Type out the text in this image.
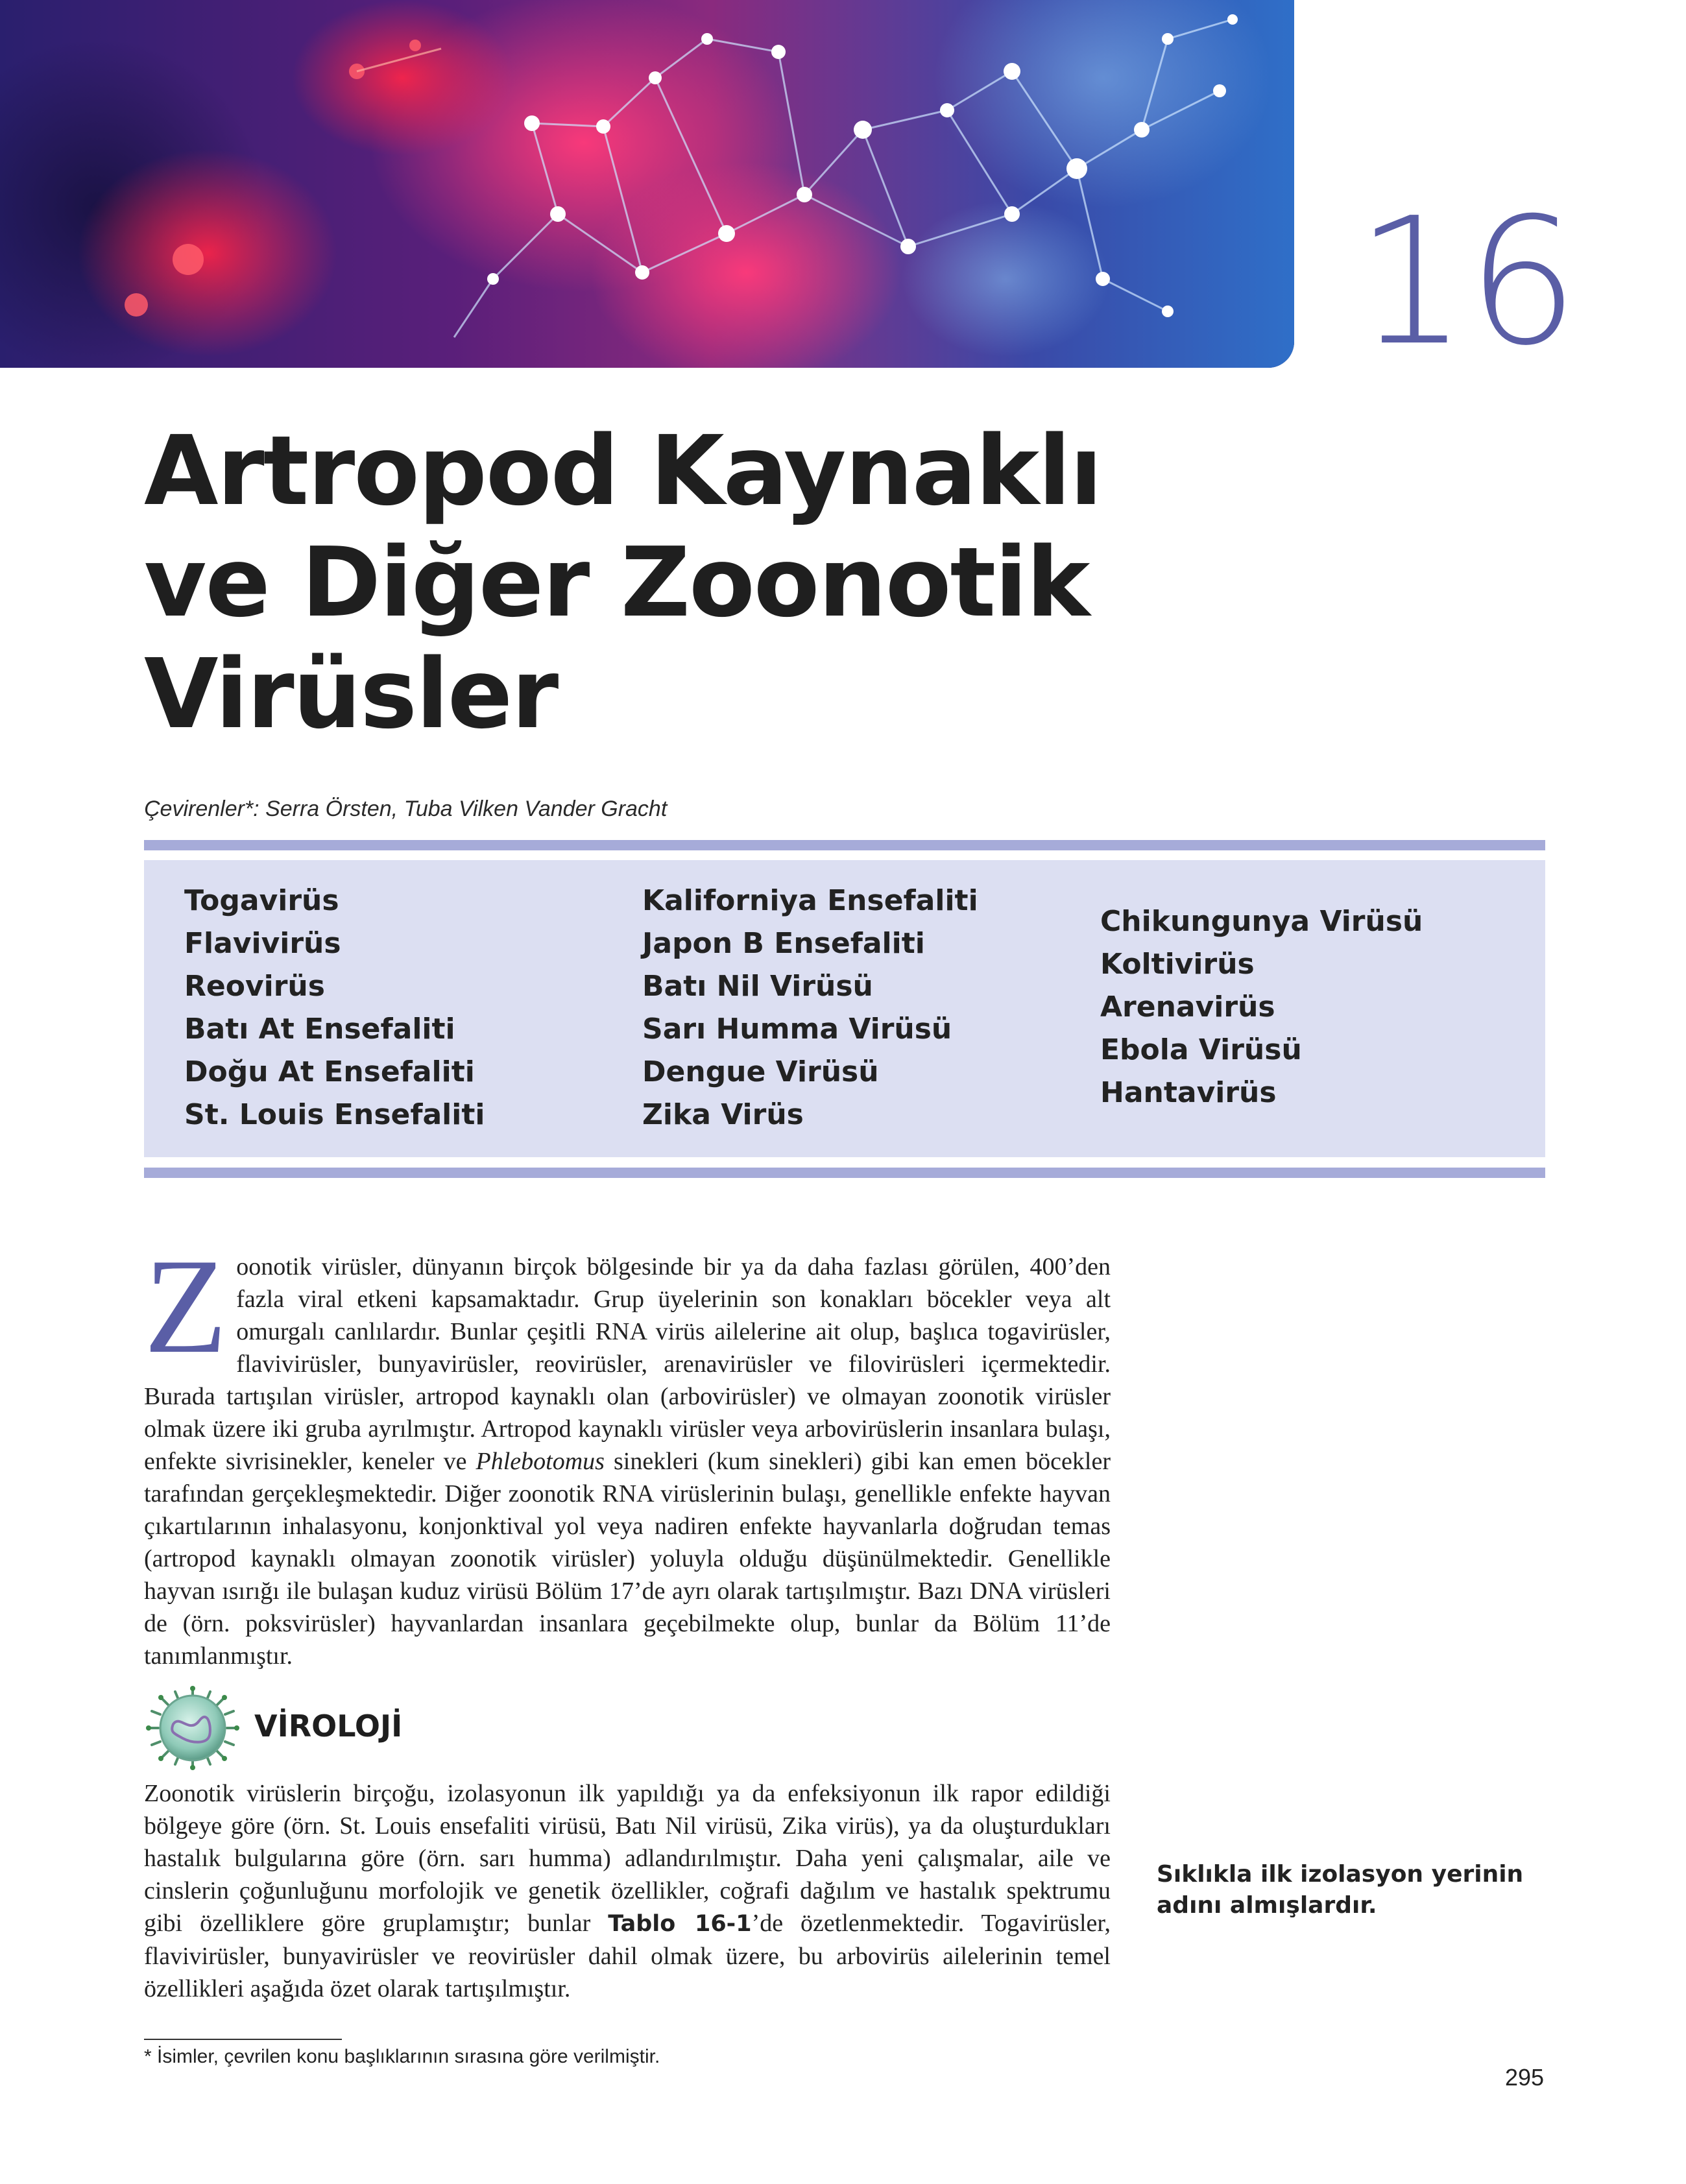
16
Artropod Kaynaklı
ve Diğer Zoonotik
Virüsler
Çevirenler*: Serra Örsten, Tuba Vilken Vander Gracht
Togavirüs
Flavivirüs
Reovirüs
Batı At Ensefaliti
Doğu At Ensefaliti
St. Louis Ensefaliti
Kaliforniya Ensefaliti
Japon B Ensefaliti
Batı Nil Virüsü
Sarı Humma Virüsü
Dengue Virüsü
Zika Virüs
Chikungunya Virüsü
Koltivirüs
Arenavirüs
Ebola Virüsü
Hantavirüs
Zoonotik virüsler, dünyanın birçok bölgesinde bir ya da daha fazlası görülen, 400’den fazla viral etkeni kapsamaktadır. Grup üyelerinin son konakları böcekler veya alt omurgalı canlılardır. Bunlar çeşitli RNA virüs ailelerine ait olup, başlıca togavirüsler, flavivirüsler, bunyavirüsler, reovirüsler, arenavirüsler ve filovirüsleri içermektedir. Burada tartışılan virüsler, artropod kaynaklı olan (arbovirüsler) ve olmayan zoonotik virüsler olmak üzere iki gruba ayrılmıştır. Artropod kaynaklı virüsler veya arbovirüslerin insanlara bulaşı, enfekte sivrisinekler, keneler ve Phlebotomus sinekleri (kum sinekleri) gibi kan emen böcekler tarafından gerçekleşmektedir. Diğer zoonotik RNA virüslerinin bulaşı, genellikle enfekte hayvan çıkartılarının inhalasyonu, konjonktival yol veya nadiren enfekte hayvanlarla doğrudan temas (artropod kaynaklı olmayan zoonotik virüsler) yoluyla olduğu düşünülmektedir. Genellikle hayvan ısırığı ile bulaşan kuduz virüsü Bölüm 17’de ayrı olarak tartışılmıştır. Bazı DNA virüsleri de (örn. poksvirüsler) hayvanlardan insanlara geçebilmekte olup, bunlar da Bölüm 11’de tanımlanmıştır.
VİROLOJİ
Zoonotik virüslerin birçoğu, izolasyonun ilk yapıldığı ya da enfeksiyonun ilk rapor edildiği bölgeye göre (örn. St. Louis ensefaliti virüsü, Batı Nil virüsü, Zika virüs), ya da oluşturdukları hastalık bulgularına göre (örn. sarı humma) adlandırılmıştır. Daha yeni çalışmalar, aile ve cinslerin çoğunluğunu morfolojik ve genetik özellikler, coğrafi dağılım ve hastalık spektrumu gibi özelliklere göre gruplamıştır; bunlar Tablo 16-1’de özetlenmektedir. Togavirüsler, flavivirüsler, bunyavirüsler ve reovirüsler dahil olmak üzere, bu arbovirüs ailelerinin temel özellikleri aşağıda özet olarak tartışılmıştır.
Sıklıkla ilk izolasyon yerinin adını almışlardır.
* İsimler, çevrilen konu başlıklarının sırasına göre verilmiştir.
295
